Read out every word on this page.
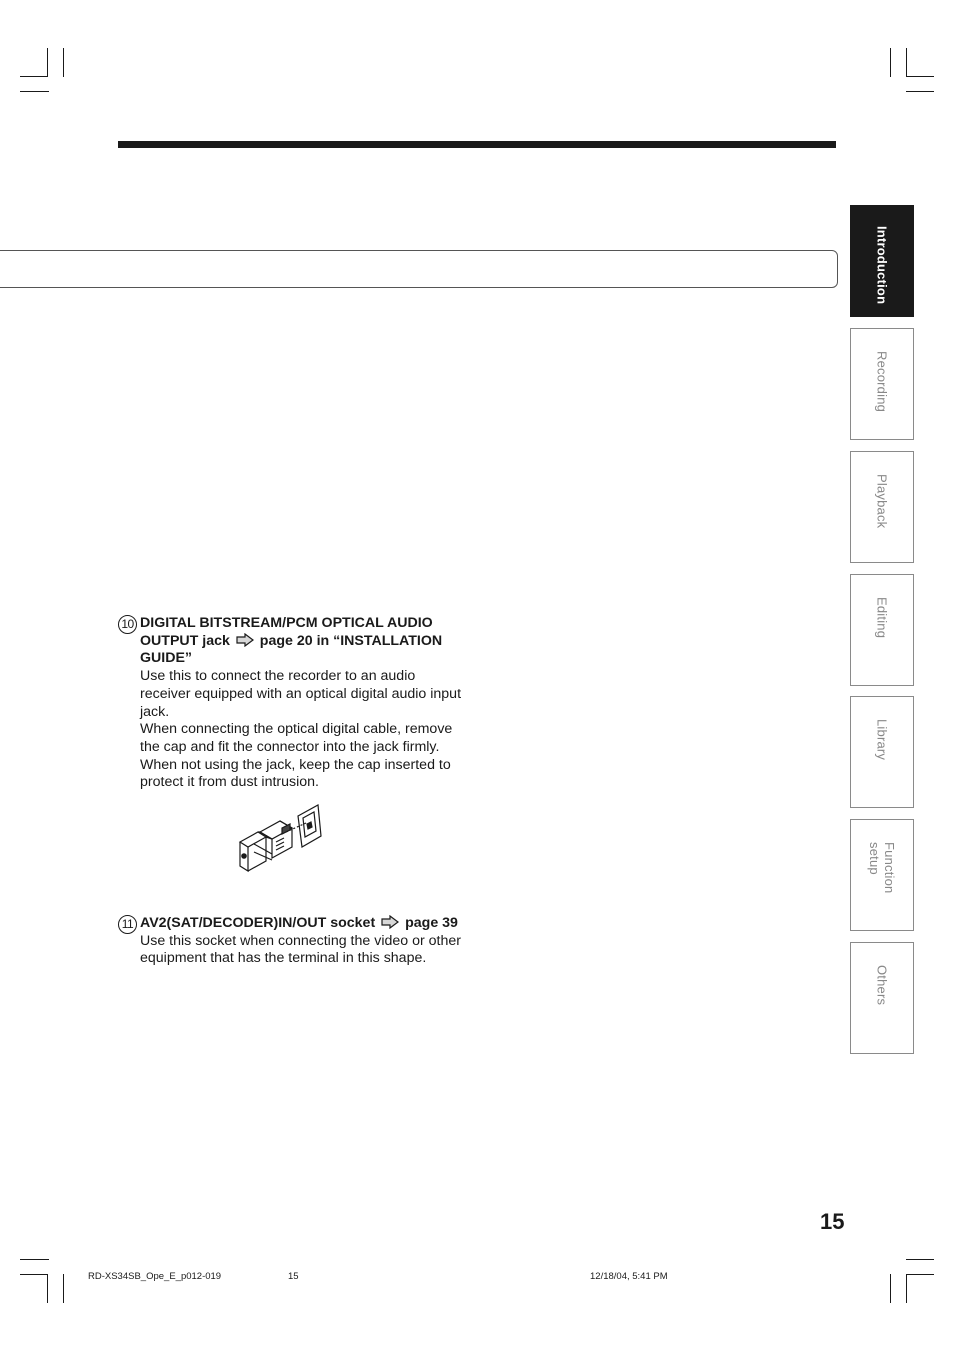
Introduction
Recording
Playback
Editing
Library
Function setup
Others
10 DIGITAL BITSTREAM/PCM OPTICAL AUDIO OUTPUT jack page 20 in “INSTALLATION GUIDE”

Use this to connect the recorder to an audio receiver equipped with an optical digital audio input jack.

When connecting the optical digital cable, remove the cap and fit the connector into the jack firmly. When not using the jack, keep the cap inserted to protect it from dust intrusion.

11 AV2(SAT/DECODER)IN/OUT socket page 39

Use this socket when connecting the video or other equipment that has the terminal in this shape.

15
RD-XS34SB_Ope_E_p012-019	15	12/18/04, 5:41 PM
